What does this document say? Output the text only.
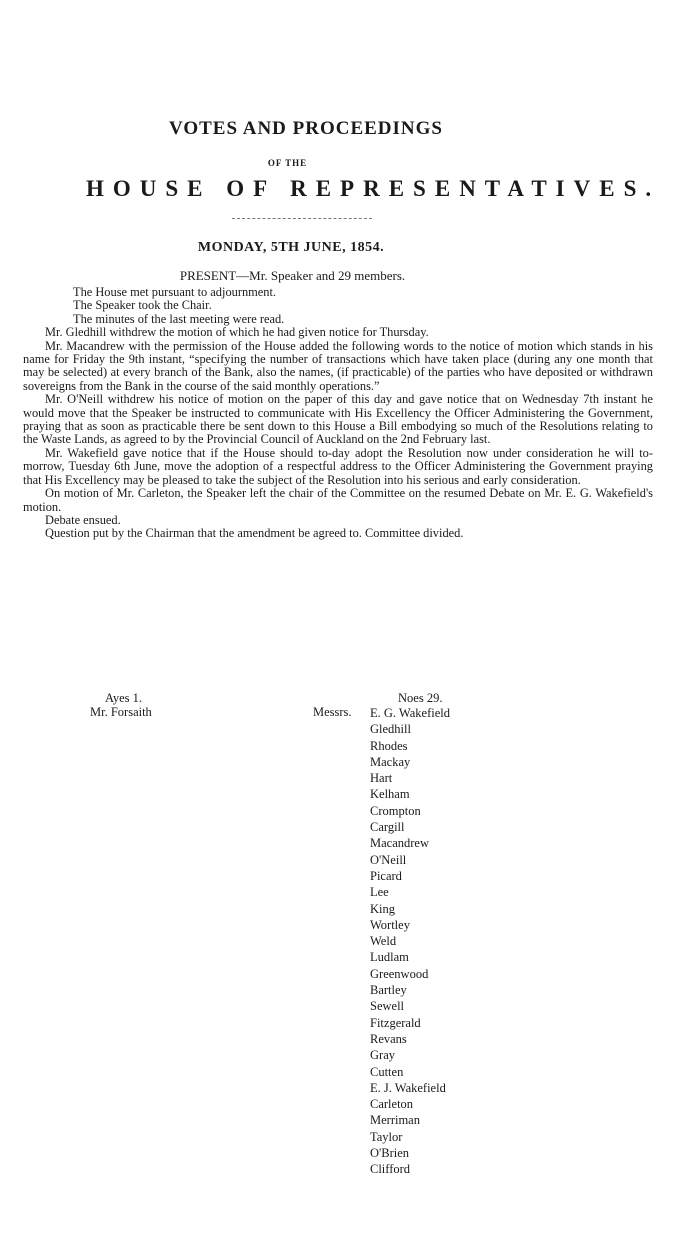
VOTES AND PROCEEDINGS
OF THE
HOUSE OF REPRESENTATIVES.
MONDAY, 5TH JUNE, 1854.
PRESENT—Mr. Speaker and 29 members.

The House met pursuant to adjournment.

The Speaker took the Chair.

The minutes of the last meeting were read.

Mr. Gledhill withdrew the motion of which he had given notice for Thursday.

Mr. Macandrew with the permission of the House added the following words to the notice of motion which stands in his name for Friday the 9th instant, “specifying the number of transactions which have taken place (during any one month that may be selected) at every branch of the Bank, also the names, (if practicable) of the parties who have deposited or withdrawn sovereigns from the Bank in the course of the said monthly operations.”

Mr. O'Neill withdrew his notice of motion on the paper of this day and gave notice that on Wednesday 7th instant he would move that the Speaker be instructed to communicate with His Excellency the Officer Administering the Government, praying that as soon as practicable there be sent down to this House a Bill embodying so much of the Resolutions relating to the Waste Lands, as agreed to by the Provincial Council of Auckland on the 2nd February last.

Mr. Wakefield gave notice that if the House should to-day adopt the Resolution now under consideration he will to-morrow, Tuesday 6th June, move the adoption of a respectful address to the Officer Administering the Government praying that His Excellency may be pleased to take the subject of the Resolution into his serious and early consideration.

On motion of Mr. Carleton, the Speaker left the chair of the Committee on the resumed Debate on Mr. E. G. Wakefield's motion.

Debate ensued.

Question put by the Chairman that the amendment be agreed to. Committee divided.

Ayes 1.
Mr. Forsaith
Noes 29.
Messrs. E. G. Wakefield
Gledhill
Rhodes
Mackay
Hart
Kelham
Crompton
Cargill
Macandrew
O'Neill
Picard
Lee
King
Wortley
Weld
Ludlam
Greenwood
Bartley
Sewell
Fitzgerald
Revans
Gray
Cutten
E. J. Wakefield
Carleton
Merriman
Taylor
O'Brien
Clifford
